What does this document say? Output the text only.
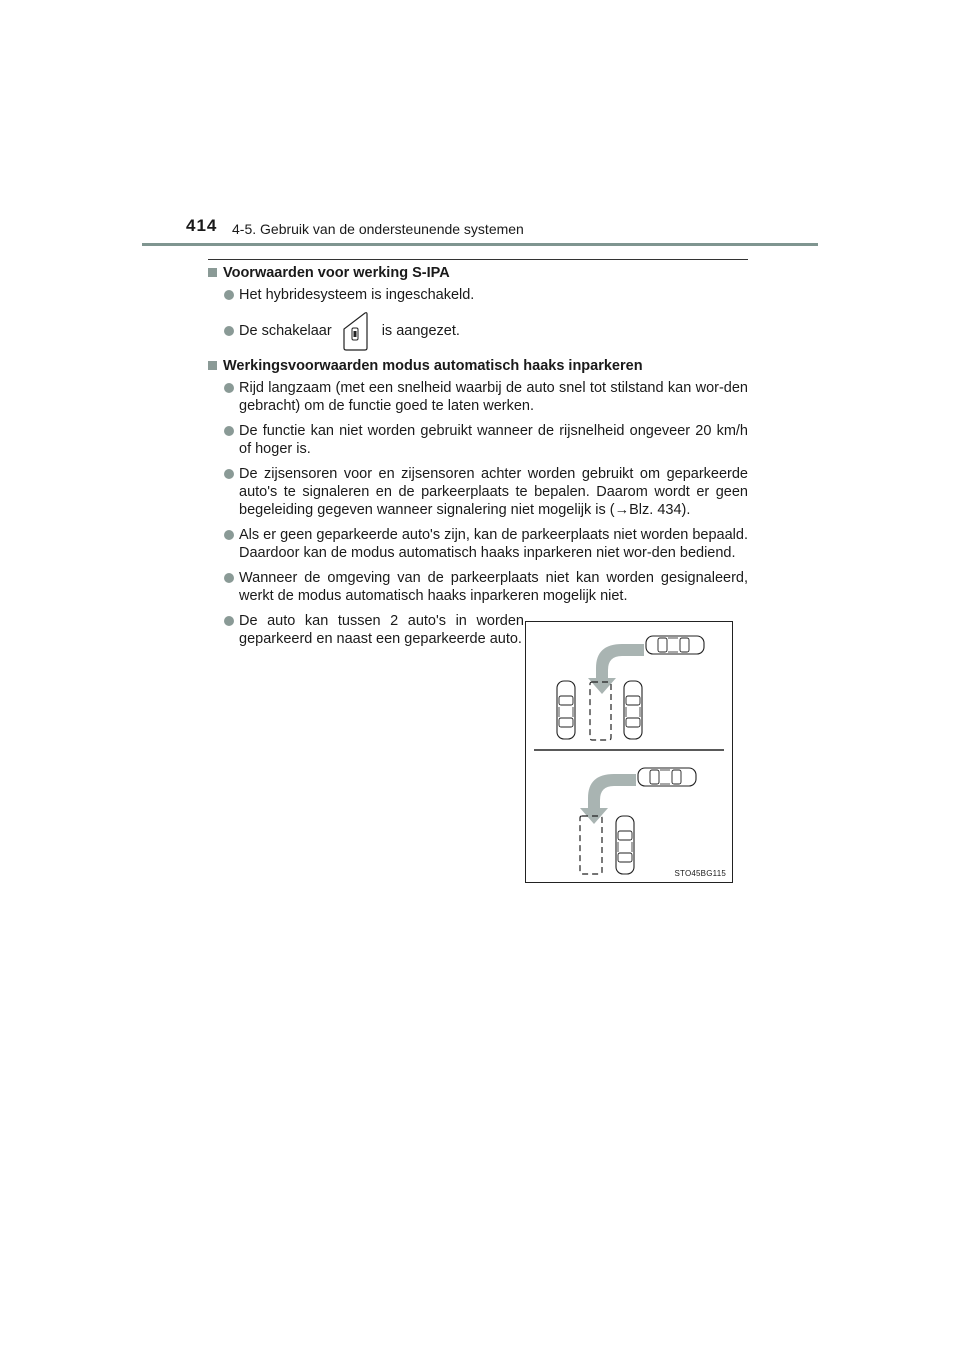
414 4-5. Gebruik van de ondersteunende systemen
Voorwaarden voor werking S-IPA
Het hybridesysteem is ingeschakeld.
De schakelaar	is aangezet.
Werkingsvoorwaarden modus automatisch haaks inparkeren
Rijd langzaam (met een snelheid waarbij de auto snel tot stilstand kan wor-den gebracht) om de functie goed te laten werken.
De functie kan niet worden gebruikt wanneer de rijsnelheid ongeveer 20 km/h of hoger is.
De zijsensoren voor en zijsensoren achter worden gebruikt om geparkeerde auto's te signaleren en de parkeerplaats te bepalen. Daarom wordt er geen begeleiding gegeven wanneer signalering niet mogelijk is (→Blz. 434).
Als er geen geparkeerde auto's zijn, kan de parkeerplaats niet worden bepaald. Daardoor kan de modus automatisch haaks inparkeren niet wor-den bediend.
Wanneer de omgeving van de parkeerplaats niet kan worden gesignaleerd, werkt de modus automatisch haaks inparkeren mogelijk niet.
De auto kan tussen 2 auto's in worden geparkeerd en naast een geparkeerde auto.
STO45BG115
